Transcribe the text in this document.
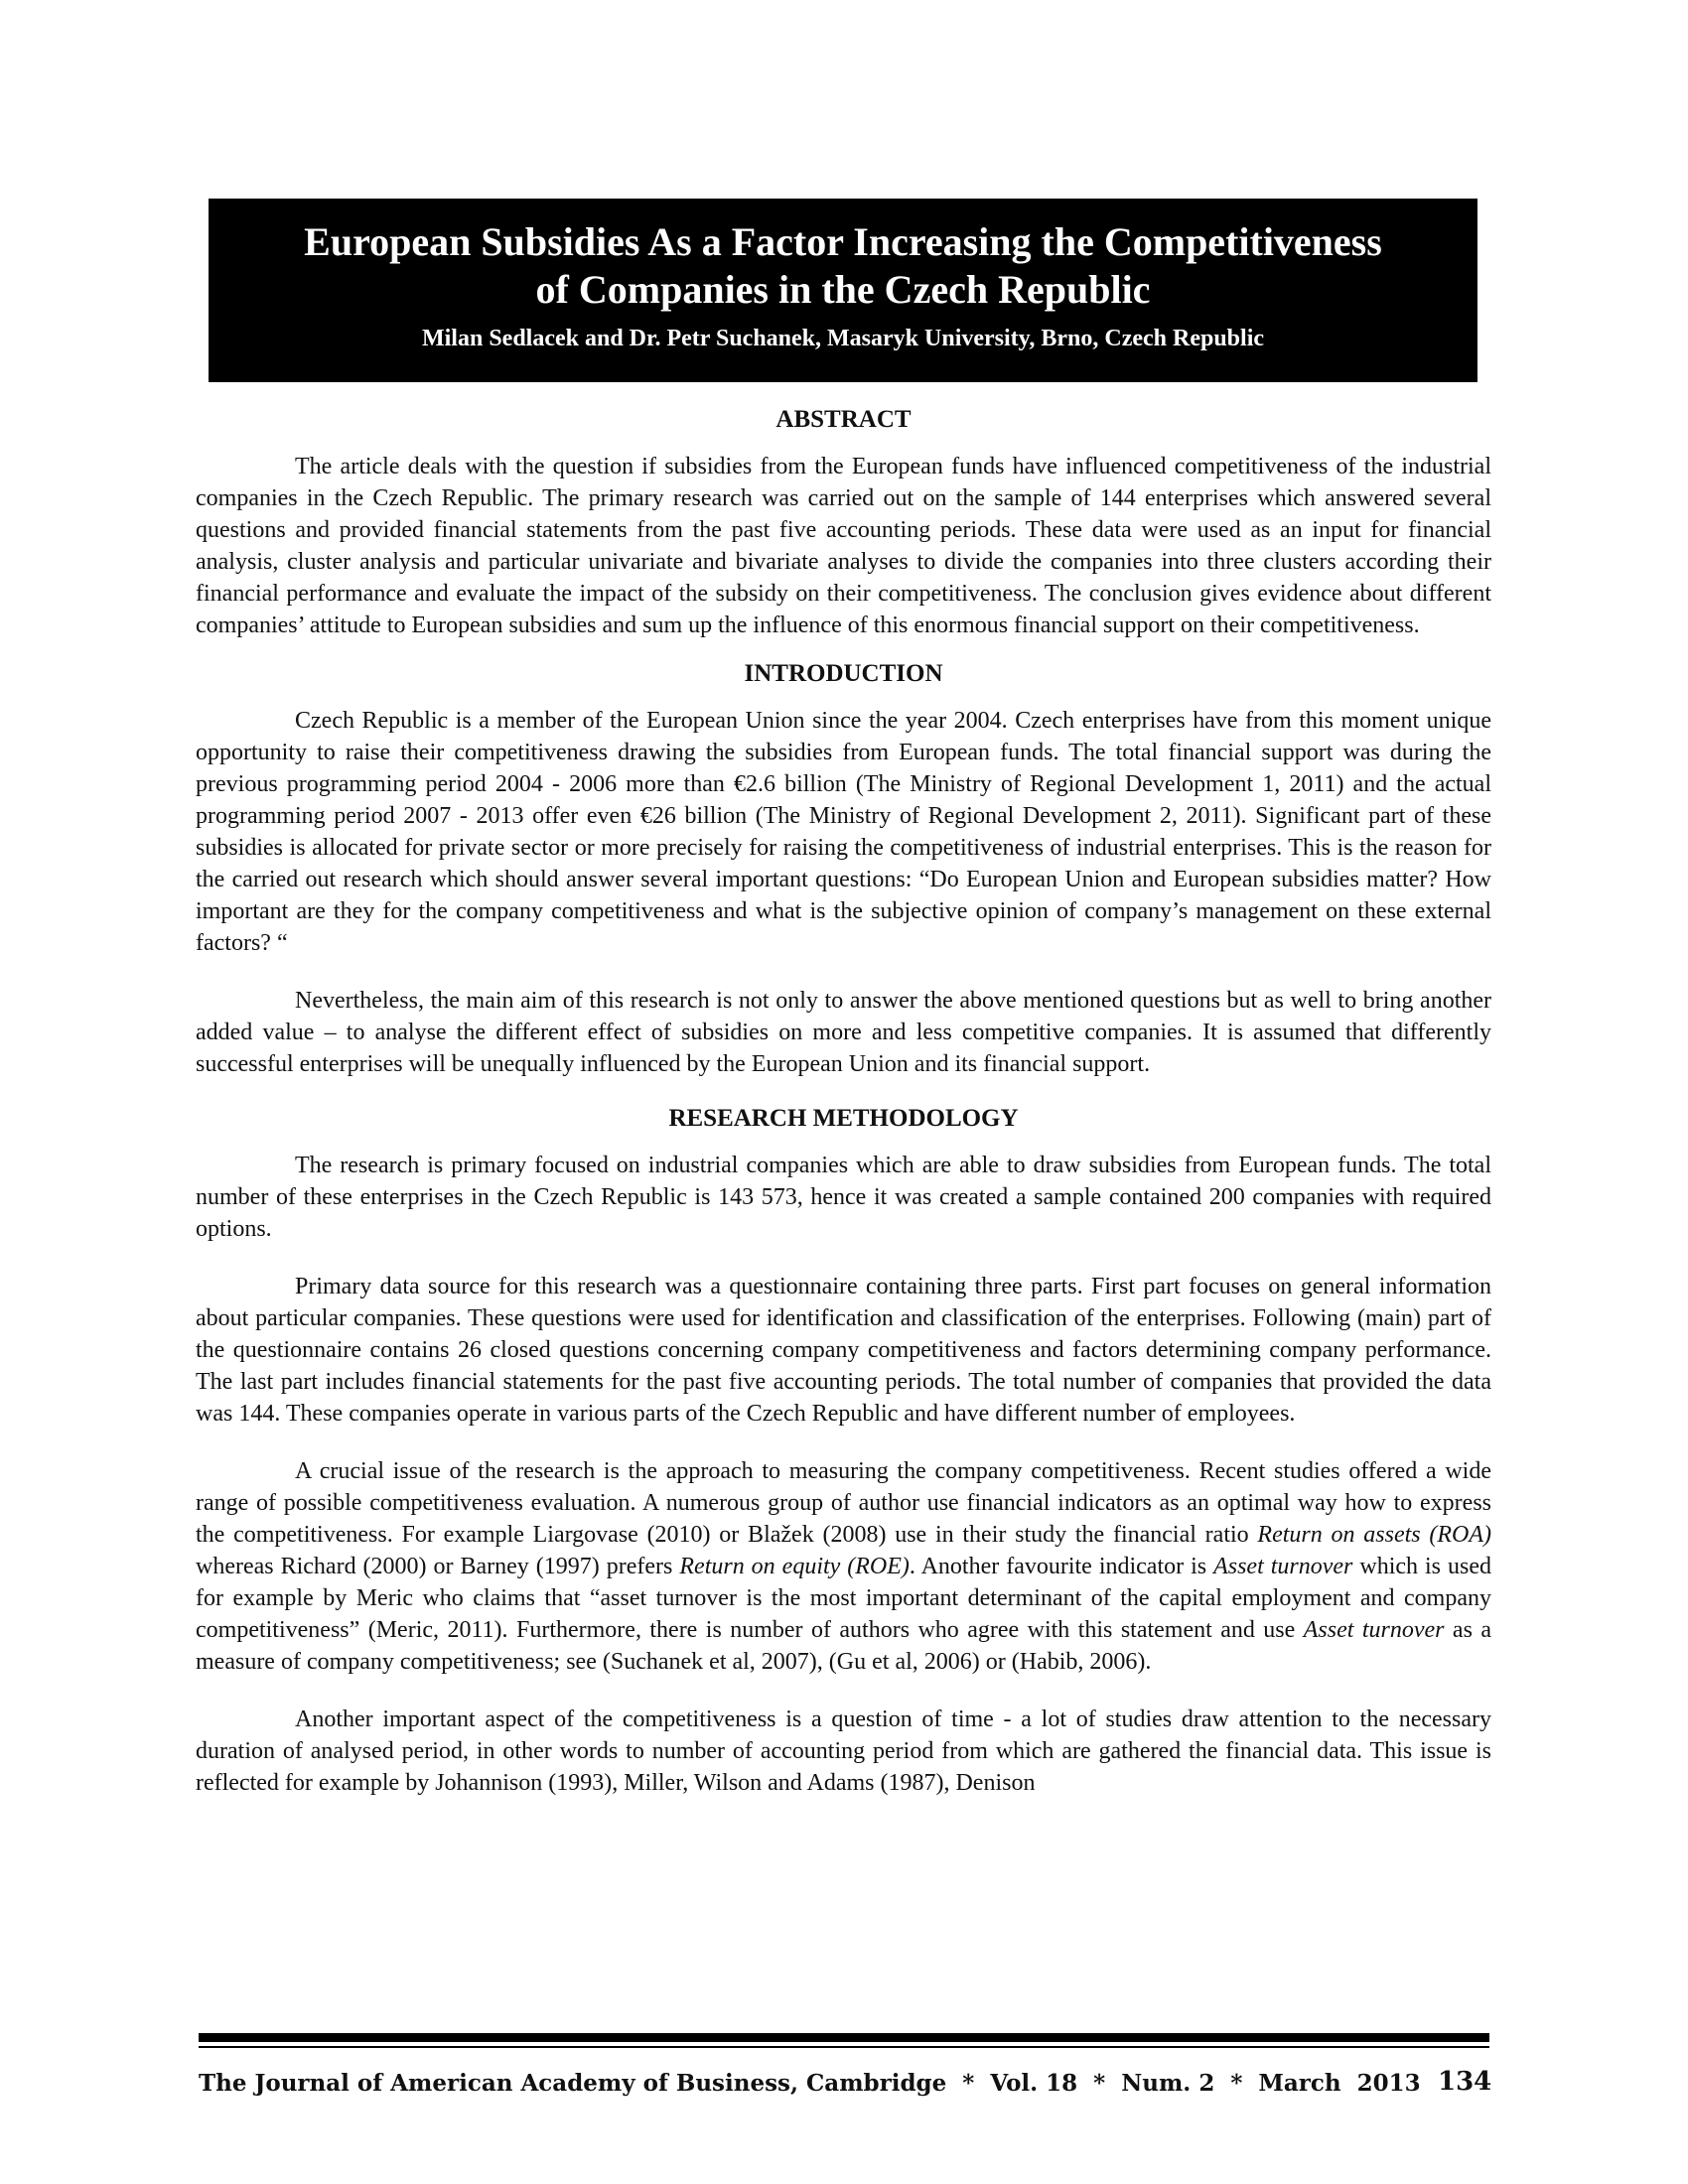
European Subsidies As a Factor Increasing the Competitiveness
of Companies in the Czech Republic
Milan Sedlacek and Dr. Petr Suchanek, Masaryk University, Brno, Czech Republic
ABSTRACT

The article deals with the question if subsidies from the European funds have influenced competitiveness of the industrial companies in the Czech Republic. The primary research was carried out on the sample of 144 enterprises which answered several questions and provided financial statements from the past five accounting periods. These data were used as an input for financial analysis, cluster analysis and particular univariate and bivariate analyses to divide the companies into three clusters according their financial performance and evaluate the impact of the subsidy on their competitiveness. The conclusion gives evidence about different companies’ attitude to European subsidies and sum up the influence of this enormous financial support on their competitiveness.

INTRODUCTION

Czech Republic is a member of the European Union since the year 2004. Czech enterprises have from this moment unique opportunity to raise their competitiveness drawing the subsidies from European funds. The total financial support was during the previous programming period 2004 - 2006 more than €2.6 billion (The Ministry of Regional Development 1, 2011) and the actual programming period 2007 - 2013 offer even €26 billion (The Ministry of Regional Development 2, 2011). Significant part of these subsidies is allocated for private sector or more precisely for raising the competitiveness of industrial enterprises. This is the reason for the carried out research which should answer several important questions: “Do European Union and European subsidies matter? How important are they for the company competitiveness and what is the subjective opinion of company’s management on these external factors? “

Nevertheless, the main aim of this research is not only to answer the above mentioned questions but as well to bring another added value – to analyse the different effect of subsidies on more and less competitive companies. It is assumed that differently successful enterprises will be unequally influenced by the European Union and its financial support.

RESEARCH METHODOLOGY

The research is primary focused on industrial companies which are able to draw subsidies from European funds. The total number of these enterprises in the Czech Republic is 143 573, hence it was created a sample contained 200 companies with required options.

Primary data source for this research was a questionnaire containing three parts. First part focuses on general information about particular companies. These questions were used for identification and classification of the enterprises. Following (main) part of the questionnaire contains 26 closed questions concerning company competitiveness and factors determining company performance. The last part includes financial statements for the past five accounting periods. The total number of companies that provided the data was 144. These companies operate in various parts of the Czech Republic and have different number of employees.

A crucial issue of the research is the approach to measuring the company competitiveness. Recent studies offered a wide range of possible competitiveness evaluation. A numerous group of author use financial indicators as an optimal way how to express the competitiveness. For example Liargovase (2010) or Blažek (2008) use in their study the financial ratio Return on assets (ROA) whereas Richard (2000) or Barney (1997) prefers Return on equity (ROE). Another favourite indicator is Asset turnover which is used for example by Meric who claims that “asset turnover is the most important determinant of the capital employment and company competitiveness” (Meric, 2011). Furthermore, there is number of authors who agree with this statement and use Asset turnover as a measure of company competitiveness; see (Suchanek et al, 2007), (Gu et al, 2006) or (Habib, 2006).

Another important aspect of the competitiveness is a question of time - a lot of studies draw attention to the necessary duration of analysed period, in other words to number of accounting period from which are gathered the financial data. This issue is reflected for example by Johannison (1993), Miller, Wilson and Adams (1987), Denison

The Journal of American Academy of Business, Cambridge  *  Vol. 18  *  Num. 2  *  March  2013 134
